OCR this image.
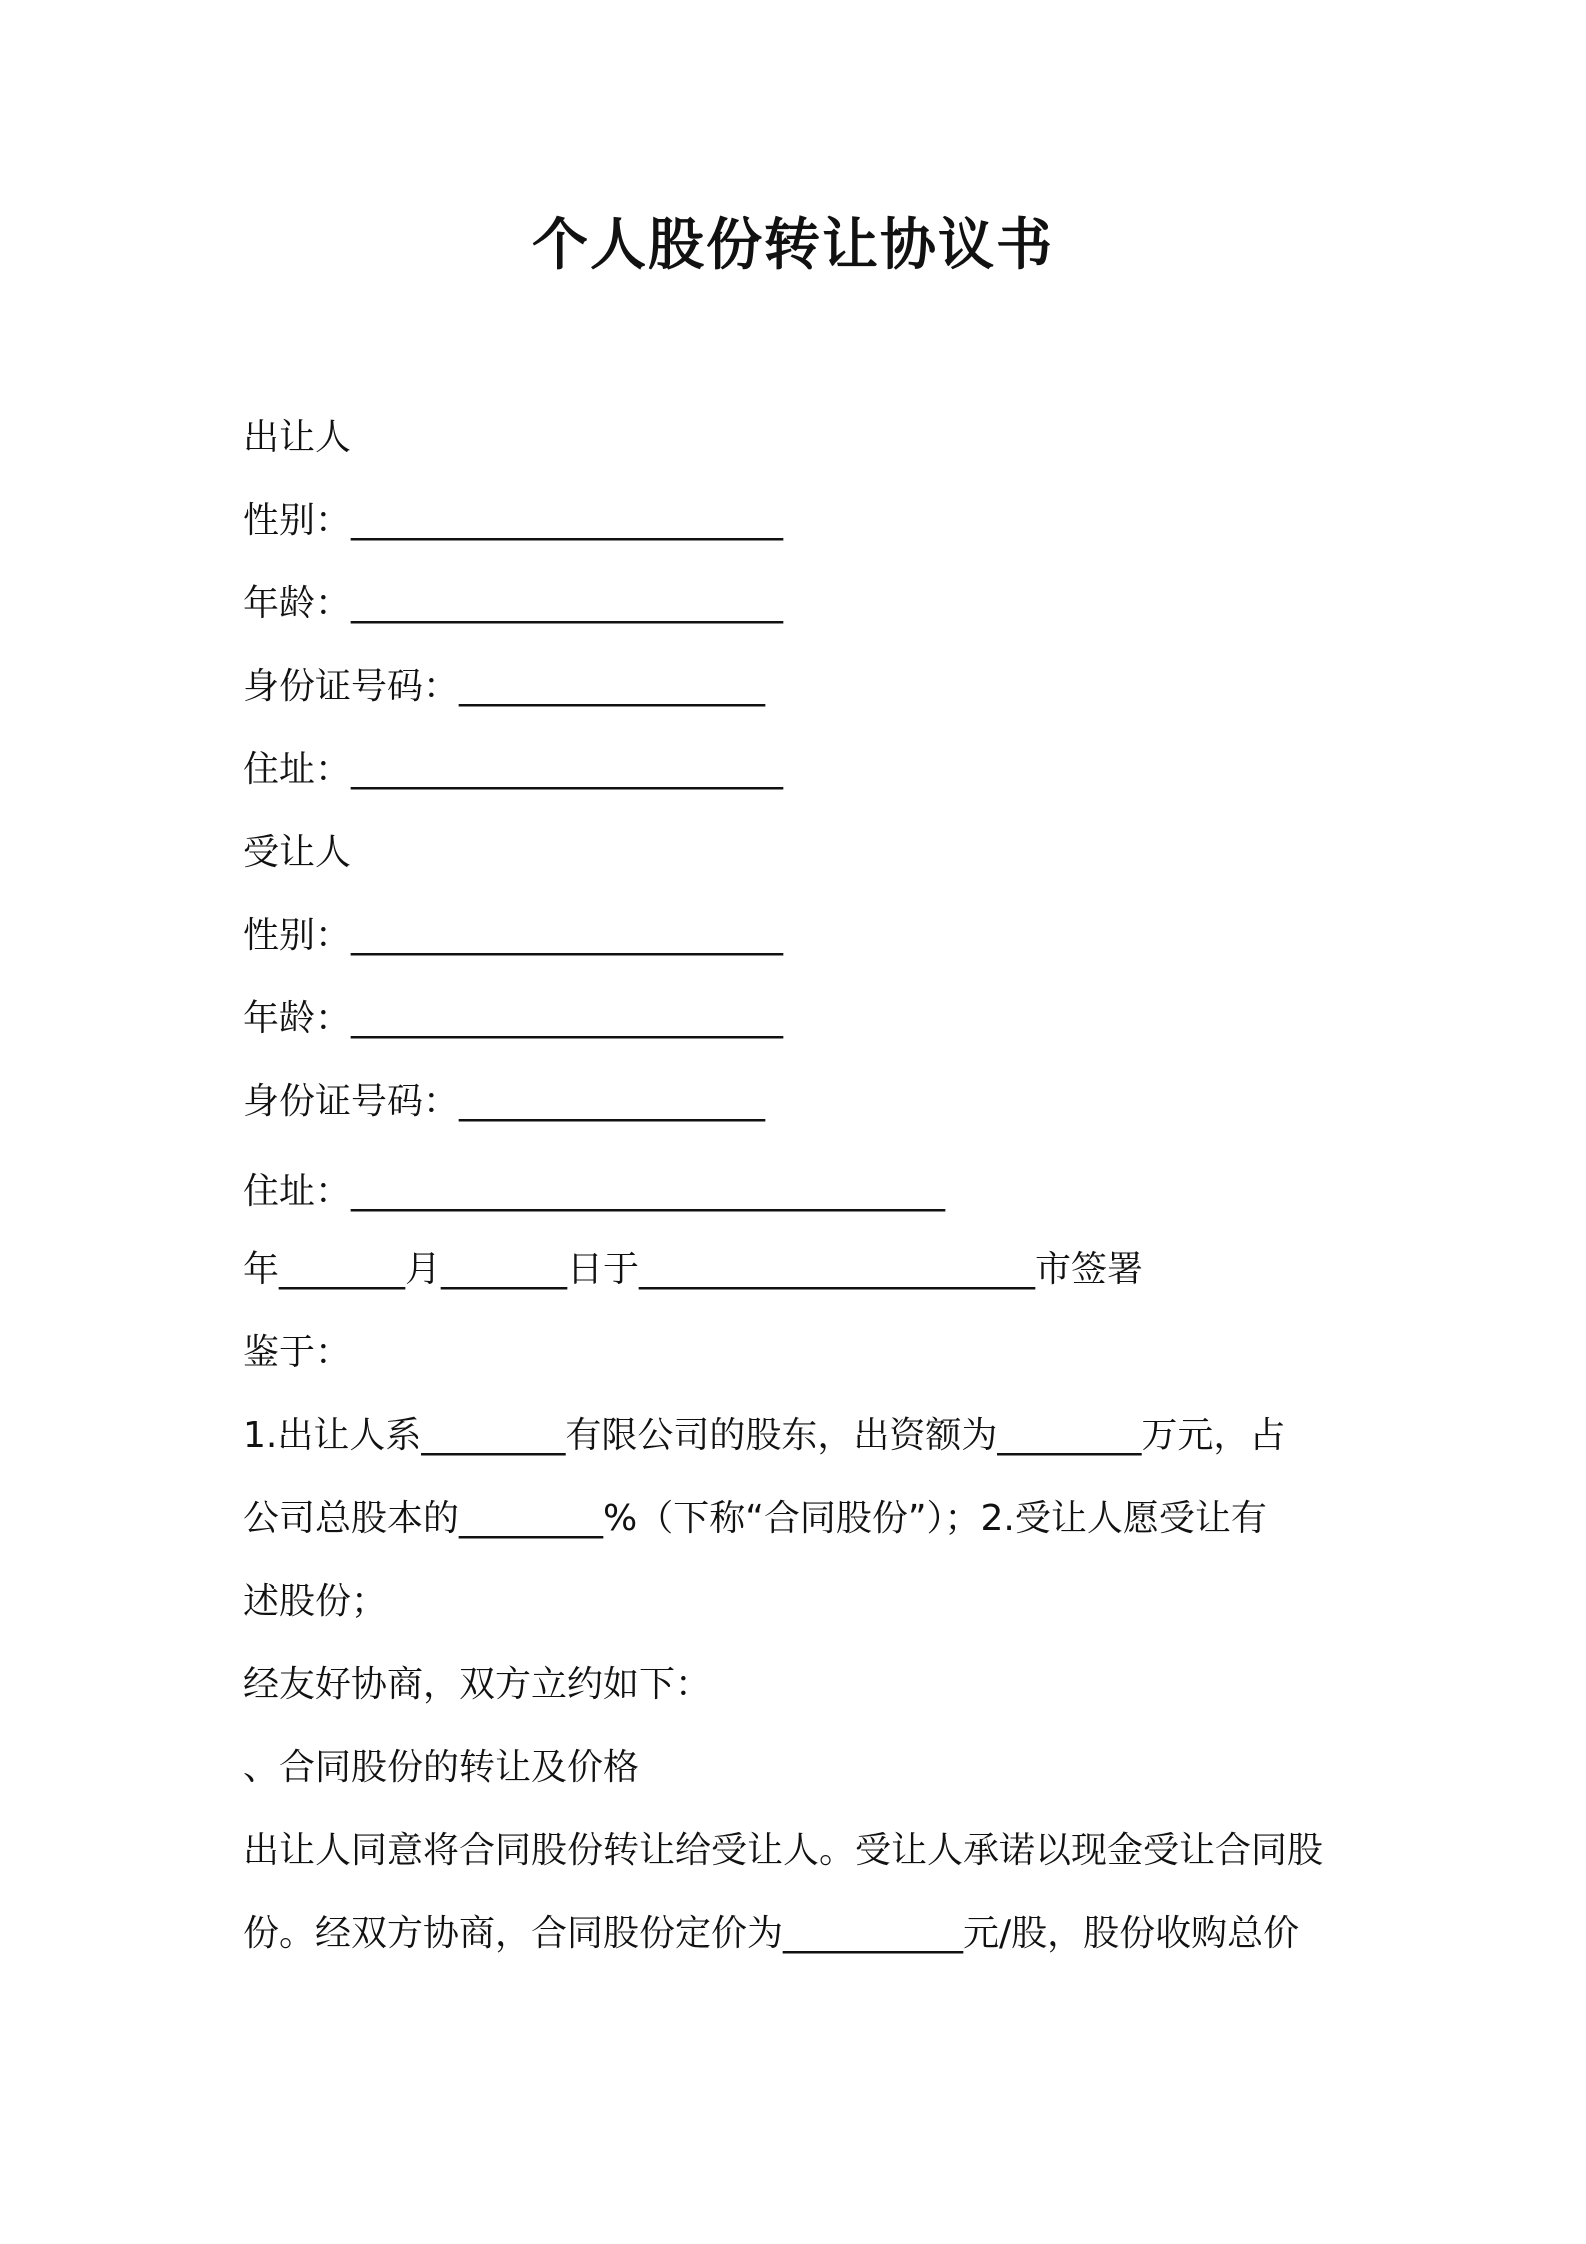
个人股份转让协议书
出让人
性别：________________________
年龄：________________________
身份证号码：_________________
住址：________________________
受让人
性别：________________________
年龄：________________________
身份证号码：_________________
住址：_________________________________
年_______月_______日于______________________市签署
鉴于：
1.出让人系________有限公司的股东，出资额为________万元，占
公司总股本的________%（下称“合同股份”）；2.受让人愿受让有
述股份；
经友好协商，双方立约如下：
、合同股份的转让及价格
出让人同意将合同股份转让给受让人。受让人承诺以现金受让合同股
份。经双方协商，合同股份定价为__________元/股，股份收购总价
